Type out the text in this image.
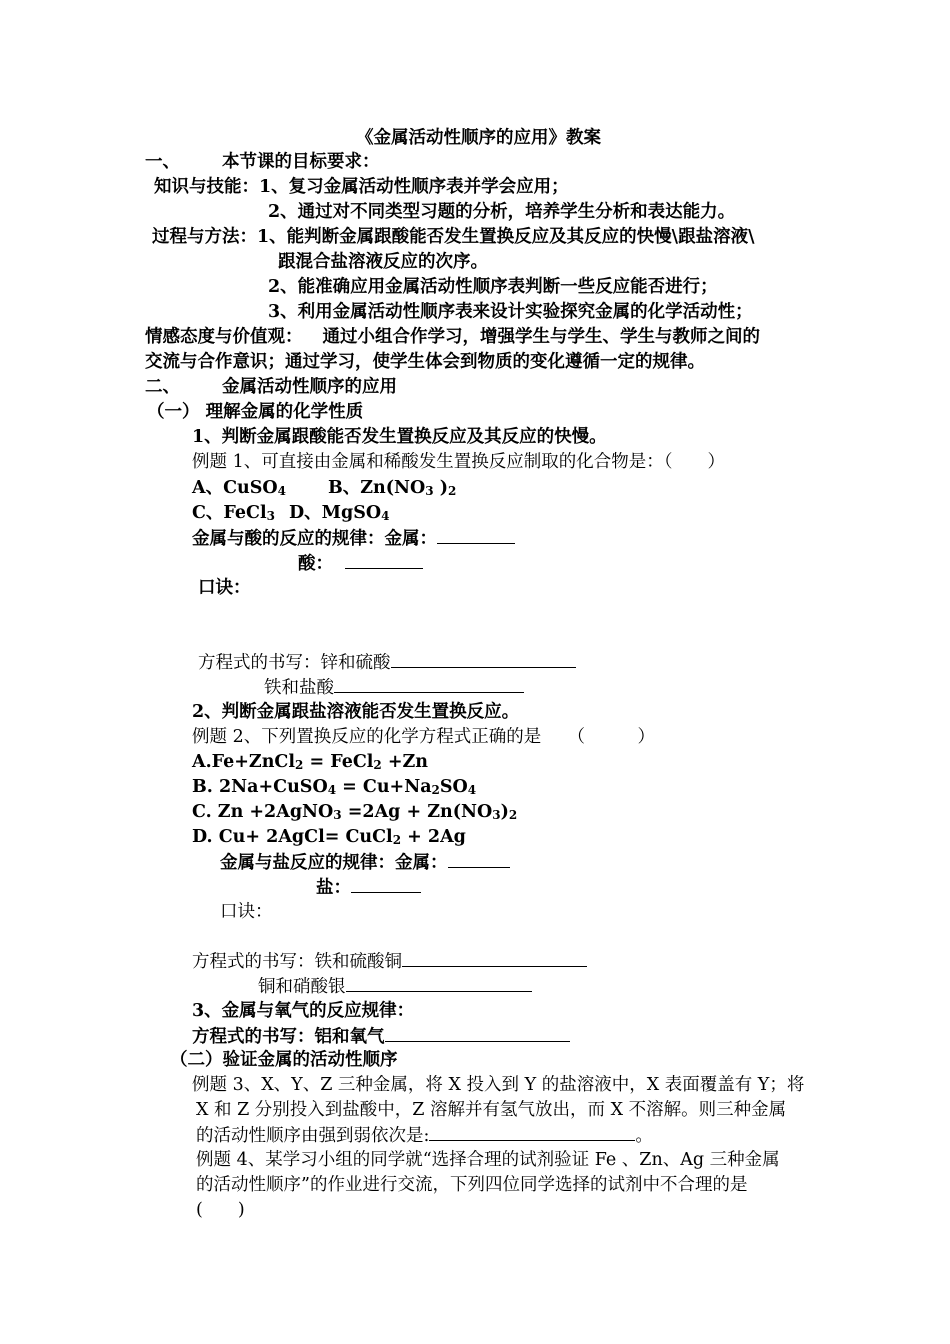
《金属活动性顺序的应用》教案
一、 本节课的目标要求：
知识与技能：1、复习金属活动性顺序表并学会应用；
2、通过对不同类型习题的分析，培养学生分析和表达能力。
过程与方法：1、能判断金属跟酸能否发生置换反应及其反应的快慢\跟盐溶液\
跟混合盐溶液反应的次序。
2、能准确应用金属活动性顺序表判断一些反应能否进行；
3、利用金属活动性顺序表来设计实验探究金属的化学活动性；
情感态度与价值观： 通过小组合作学习，增强学生与学生、学生与教师之间的
交流与合作意识；通过学习，使学生体会到物质的变化遵循一定的规律。
二、 金属活动性顺序的应用
（一） 理解金属的化学性质
1、判断金属跟酸能否发生置换反应及其反应的快慢。
例题 1、可直接由金属和稀酸发生置换反应制取的化合物是：（　　）
A、CuSO$_4$ B、$Zn(NO_3$ )$_2$
C、FeCl$_3$ D、MgSO$_4$
金属与酸的反应的规律：金属：
酸：
口诀：
方程式的书写：锌和硫酸
铁和盐酸
2、判断金属跟盐溶液能否发生置换反应。
例题 2、下列置换反应的化学方程式正确的是　　（　　　）
A.Fe+ZnCl$_2$ = FeCl$_2$ +Zn
B. 2Na+CuSO$_4$ = $Cu+Na_2SO_4$
C. Zn +2AgNO$_3$ $=2Ag + Zn(NO_3)_2$
D. Cu+ 2AgCl= CuCl$_2$ + 2Ag
金属与盐反应的规律：金属：
盐：
口诀：
方程式的书写：铁和硫酸铜
铜和硝酸银
3、金属与氧气的反应规律：
方程式的书写：铝和氧气
（二）验证金属的活动性顺序
例题 3、X、Y、Z 三种金属，将 X 投入到 Y 的盐溶液中，X 表面覆盖有 Y；将
X 和 Z 分别投入到盐酸中，Z 溶解并有氢气放出，而 X 不溶解。则三种金属
的活动性顺序由强到弱依次是:	。
例题 4、某学习小组的同学就“选择合理的试剂验证 Fe 、Zn、Ag 三种金属
的活动性顺序”的作业进行交流，下列四位同学选择的试剂中不合理的是
(　　)
